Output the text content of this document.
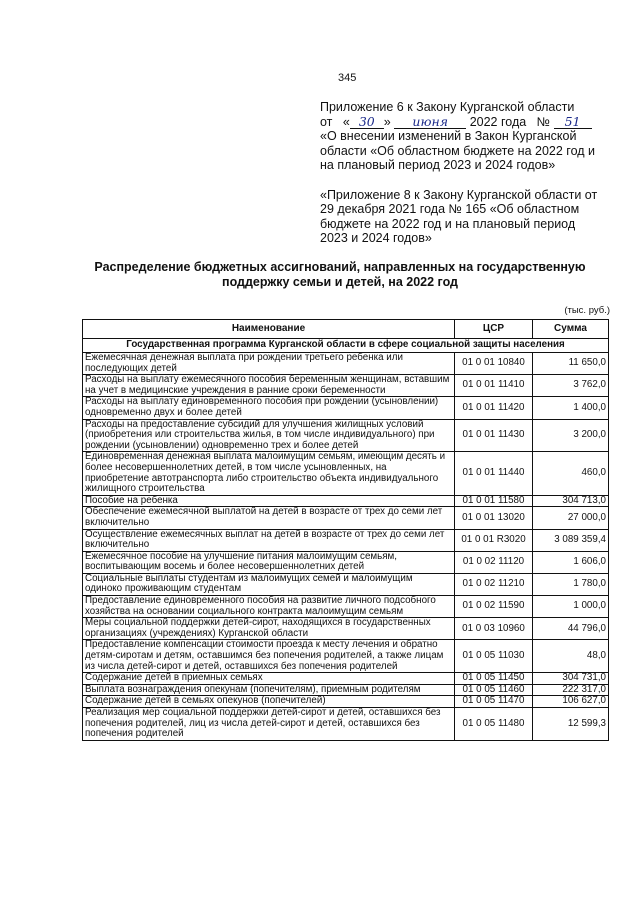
345
Приложение 6 к Закону Курганской области
от « 30 » июня 2022 года № 51
«О внесении изменений в Закон Курганской
области «Об областном бюджете на 2022 год и
на плановый период 2023 и 2024 годов»
«Приложение 8 к Закону Курганской области от
29 декабря 2021 года № 165 «Об областном
бюджете на 2022 год и на плановый период
2023 и 2024 годов»
Распределение бюджетных ассигнований, направленных на государственную
поддержку семьи и детей, на 2022 год
(тыс. руб.)
Наименование	ЦСР	Сумма
Государственная программа Курганской области в сфере социальной защиты населения		
Ежемесячная денежная выплата при рождении третьего ребенка или последующих детей	01 0 01 10840	11 650,0
Расходы на выплату ежемесячного пособия беременным женщинам, вставшим на учет в медицинские учреждения в ранние сроки беременности	01 0 01 11410	3 762,0
Расходы на выплату единовременного пособия при рождении (усыновлении) одновременно двух и более детей	01 0 01 11420	1 400,0
Расходы на предоставление субсидий для улучшения жилищных условий (приобретения или строительства жилья, в том числе индивидуального) при рождении (усыновлении) одновременно трех и более детей	01 0 01 11430	3 200,0
Единовременная денежная выплата малоимущим семьям, имеющим десять и более несовершеннолетних детей, в том числе усыновленных, на приобретение автотранспорта либо строительство объекта индивидуального жилищного строительства	01 0 01 11440	460,0
Пособие на ребенка	01 0 01 11580	304 713,0
Обеспечение ежемесячной выплатой на детей в возрасте от трех до семи лет включительно	01 0 01 13020	27 000,0
Осуществление ежемесячных выплат на детей в возрасте от трех до семи лет включительно	01 0 01 R3020	3 089 359,4
Ежемесячное пособие на улучшение питания малоимущим семьям, воспитывающим восемь и более несовершеннолетних детей	01 0 02 11120	1 606,0
Социальные выплаты студентам из малоимущих семей и малоимущим одиноко проживающим студентам	01 0 02 11210	1 780,0
Предоставление единовременного пособия на развитие личного подсобного хозяйства на основании социального контракта малоимущим семьям	01 0 02 11590	1 000,0
Меры социальной поддержки детей-сирот, находящихся в государственных организациях (учреждениях) Курганской области	01 0 03 10960	44 796,0
Предоставление компенсации стоимости проезда к месту лечения и обратно детям-сиротам и детям, оставшимся без попечения родителей, а также лицам из числа детей-сирот и детей, оставшихся без попечения родителей	01 0 05 11030	48,0
Содержание детей в приемных семьях	01 0 05 11450	304 731,0
Выплата вознаграждения опекунам (попечителям), приемным родителям	01 0 05 11460	222 317,0
Содержание детей в семьях опекунов (попечителей)	01 0 05 11470	106 627,0
Реализация мер социальной поддержки детей-сирот и детей, оставшихся без попечения родителей, лиц из числа детей-сирот и детей, оставшихся без попечения родителей	01 0 05 11480	12 599,3
